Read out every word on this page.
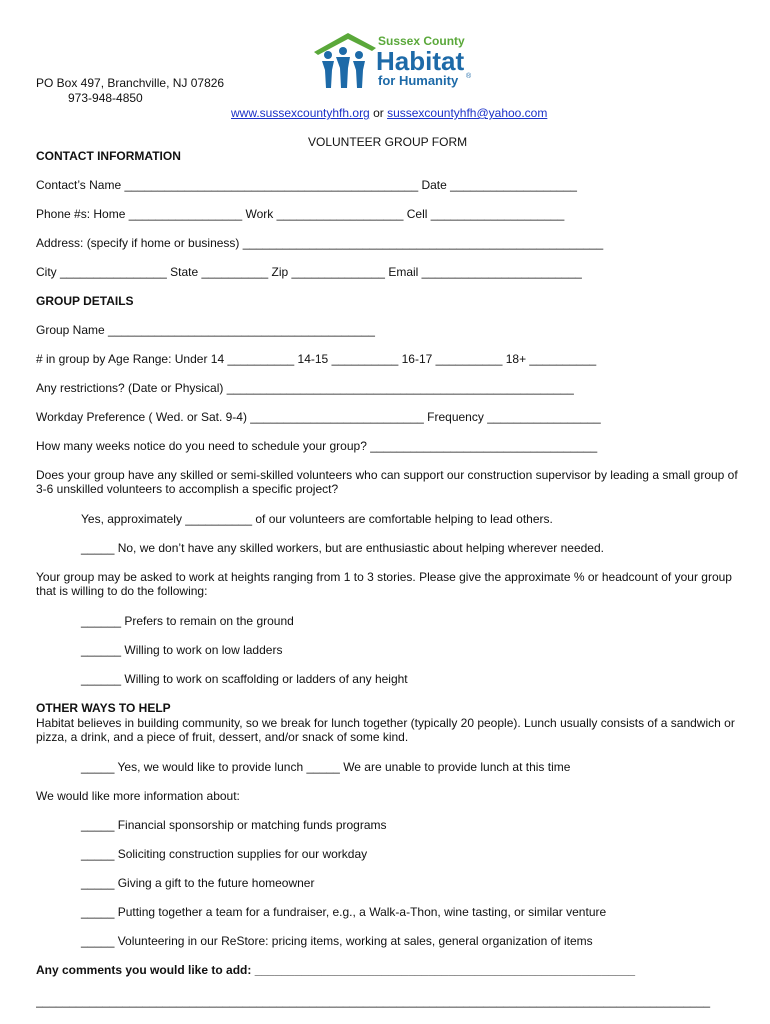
Sussex County
Habitat
for Humanity ®
PO Box 497, Branchville, NJ 07826
973-948-4850
www.sussexcountyhfh.org or sussexcountyhfh@yahoo.com
VOLUNTEER GROUP FORM
CONTACT INFORMATION
Contact’s Name ____________________________________________ Date ___________________
Phone #s: Home _________________ Work ___________________ Cell ____________________
Address: (specify if home or business) ______________________________________________________
City ________________ State __________ Zip ______________ Email ________________________
GROUP DETAILS
Group Name ________________________________________
# in group by Age Range: Under 14 __________ 14-15 __________ 16-17 __________ 18+ __________
Any restrictions? (Date or Physical) ____________________________________________________
Workday Preference ( Wed. or Sat. 9-4) __________________________ Frequency _________________
How many weeks notice do you need to schedule your group? __________________________________
Does your group have any skilled or semi-skilled volunteers who can support our construction supervisor by leading a small group of 3-6 unskilled volunteers to accomplish a specific project?
Yes, approximately __________ of our volunteers are comfortable helping to lead others.
_____ No, we don’t have any skilled workers, but are enthusiastic about helping wherever needed.
Your group may be asked to work at heights ranging from 1 to 3 stories. Please give the approximate % or headcount of your group that is willing to do the following:
______ Prefers to remain on the ground
______ Willing to work on low ladders
______ Willing to work on scaffolding or ladders of any height
OTHER WAYS TO HELP
Habitat believes in building community, so we break for lunch together (typically 20 people). Lunch usually consists of a sandwich or pizza, a drink, and a piece of fruit, dessert, and/or snack of some kind.
_____ Yes, we would like to provide lunch _____ We are unable to provide lunch at this time
We would like more information about:
_____ Financial sponsorship or matching funds programs
_____ Soliciting construction supplies for our workday
_____ Giving a gift to the future homeowner
_____ Putting together a team for a fundraiser, e.g., a Walk-a-Thon, wine tasting, or similar venture
_____ Volunteering in our ReStore: pricing items, working at sales, general organization of items
Any comments you would like to add: _________________________________________________________
_____________________________________________________________________________________________________
